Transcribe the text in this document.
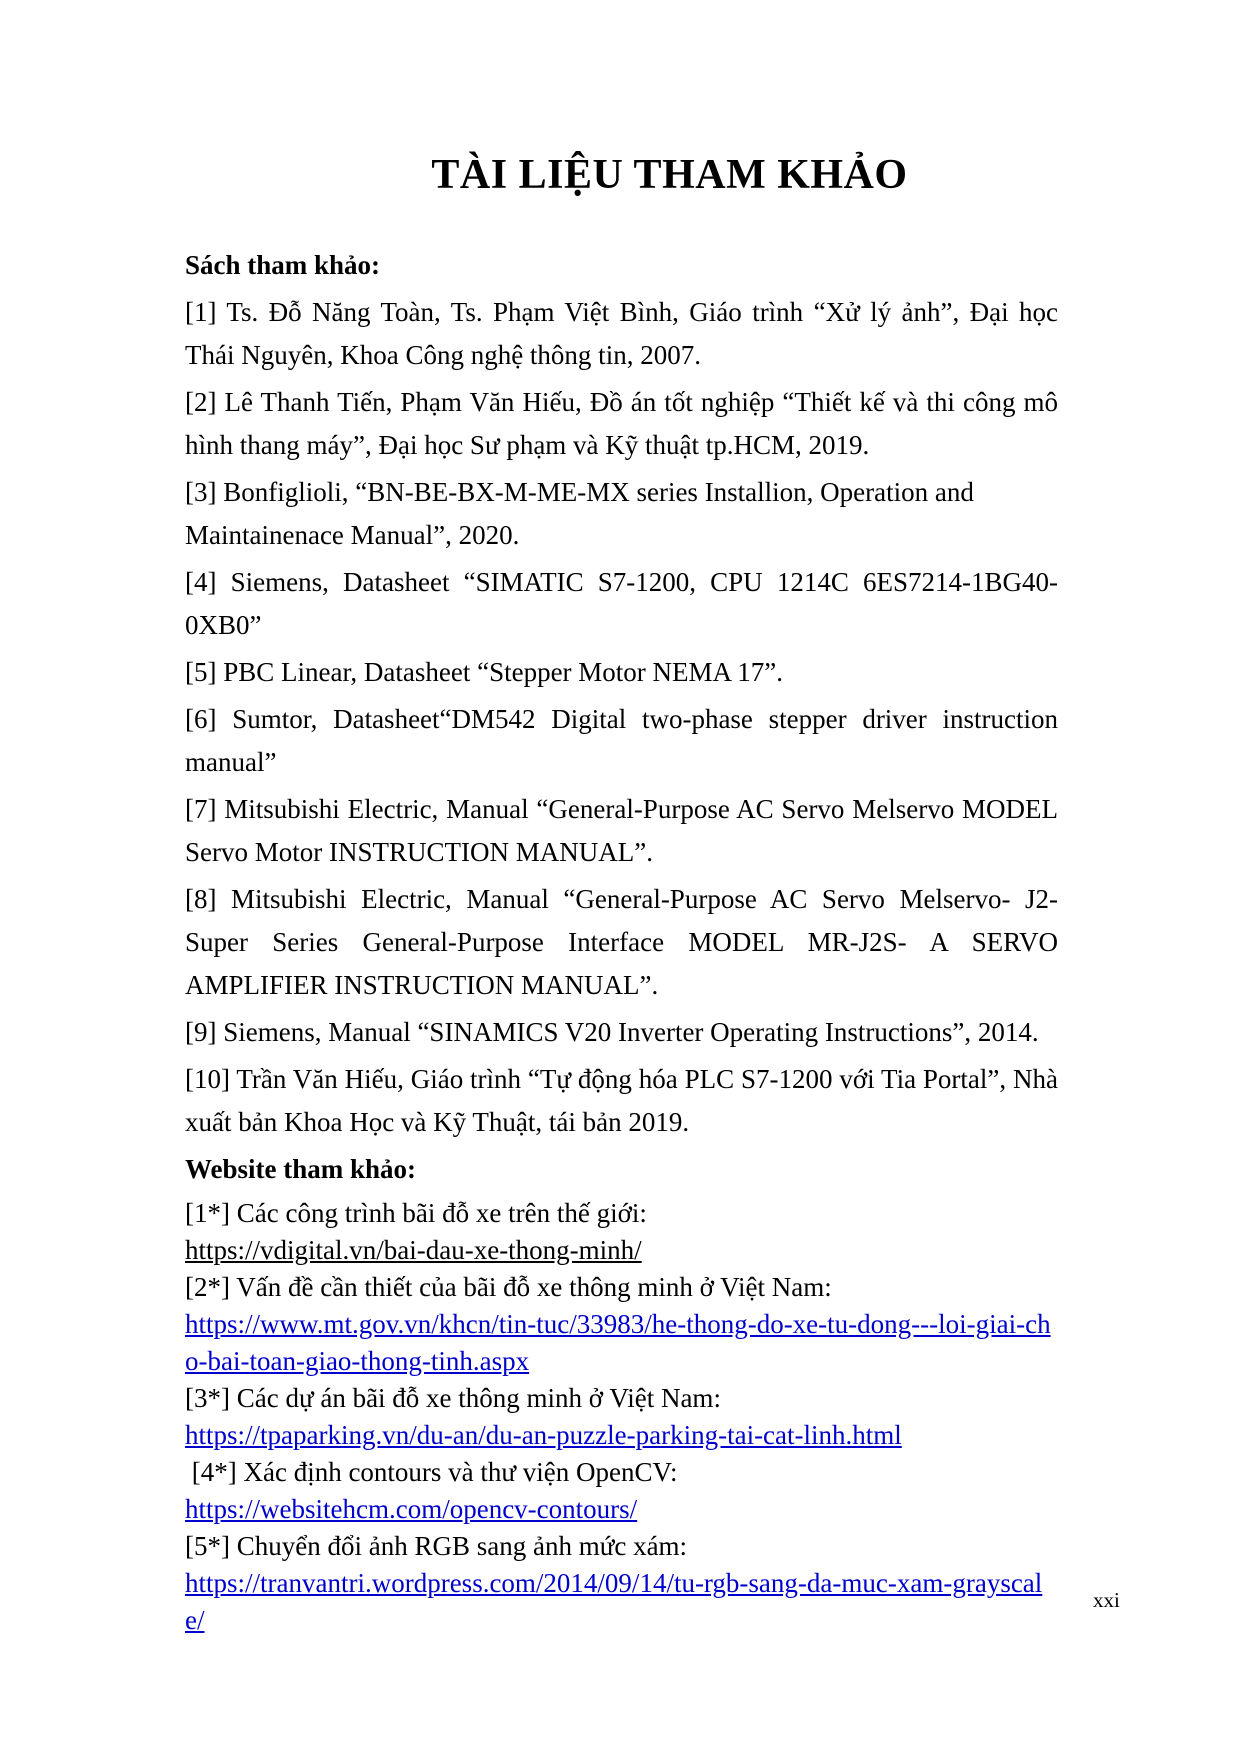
TÀI LIỆU THAM KHẢO
Sách tham khảo:

[1] Ts. Đỗ Năng Toàn, Ts. Phạm Việt Bình, Giáo trình “Xử lý ảnh”, Đại học Thái Nguyên, Khoa Công nghệ thông tin, 2007.

[2] Lê Thanh Tiến, Phạm Văn Hiếu, Đồ án tốt nghiệp “Thiết kế và thi công mô hình thang máy”, Đại học Sư phạm và Kỹ thuật tp.HCM, 2019.

[3] Bonfiglioli, “BN-BE-BX-M-ME-MX series Installion, Operation and Maintainenace Manual”, 2020.

[4] Siemens, Datasheet “SIMATIC S7-1200, CPU 1214C 6ES7214-1BG40-0XB0”

[5] PBC Linear, Datasheet “Stepper Motor NEMA 17”.

[6] Sumtor, Datasheet“DM542 Digital two-phase stepper driver instruction manual”

[7] Mitsubishi Electric, Manual “General-Purpose AC Servo Melservo MODEL Servo Motor INSTRUCTION MANUAL”.

[8] Mitsubishi Electric, Manual “General-Purpose AC Servo Melservo- J2-Super Series General-Purpose Interface MODEL MR-J2S- A SERVO AMPLIFIER INSTRUCTION MANUAL”.

[9] Siemens, Manual “SINAMICS V20 Inverter Operating Instructions”, 2014.

[10] Trần Văn Hiếu, Giáo trình “Tự động hóa PLC S7-1200 với Tia Portal”, Nhà xuất bản Khoa Học và Kỹ Thuật, tái bản 2019.

Website tham khảo:
[1*] Các công trình bãi đỗ xe trên thế giới:
https://vdigital.vn/bai-dau-xe-thong-minh/
[2*] Vấn đề cần thiết của bãi đỗ xe thông minh ở Việt Nam:
https://www.mt.gov.vn/khcn/tin-tuc/33983/he-thong-do-xe-tu-dong---loi-giai-cho-bai-toan-giao-thong-tinh.aspx
[3*] Các dự án bãi đỗ xe thông minh ở Việt Nam:
https://tpaparking.vn/du-an/du-an-puzzle-parking-tai-cat-linh.html
[4*] Xác định contours và thư viện OpenCV:
https://websitehcm.com/opencv-contours/
[5*] Chuyển đổi ảnh RGB sang ảnh mức xám:
https://tranvantri.wordpress.com/2014/09/14/tu-rgb-sang-da-muc-xam-grayscale/
xxi
